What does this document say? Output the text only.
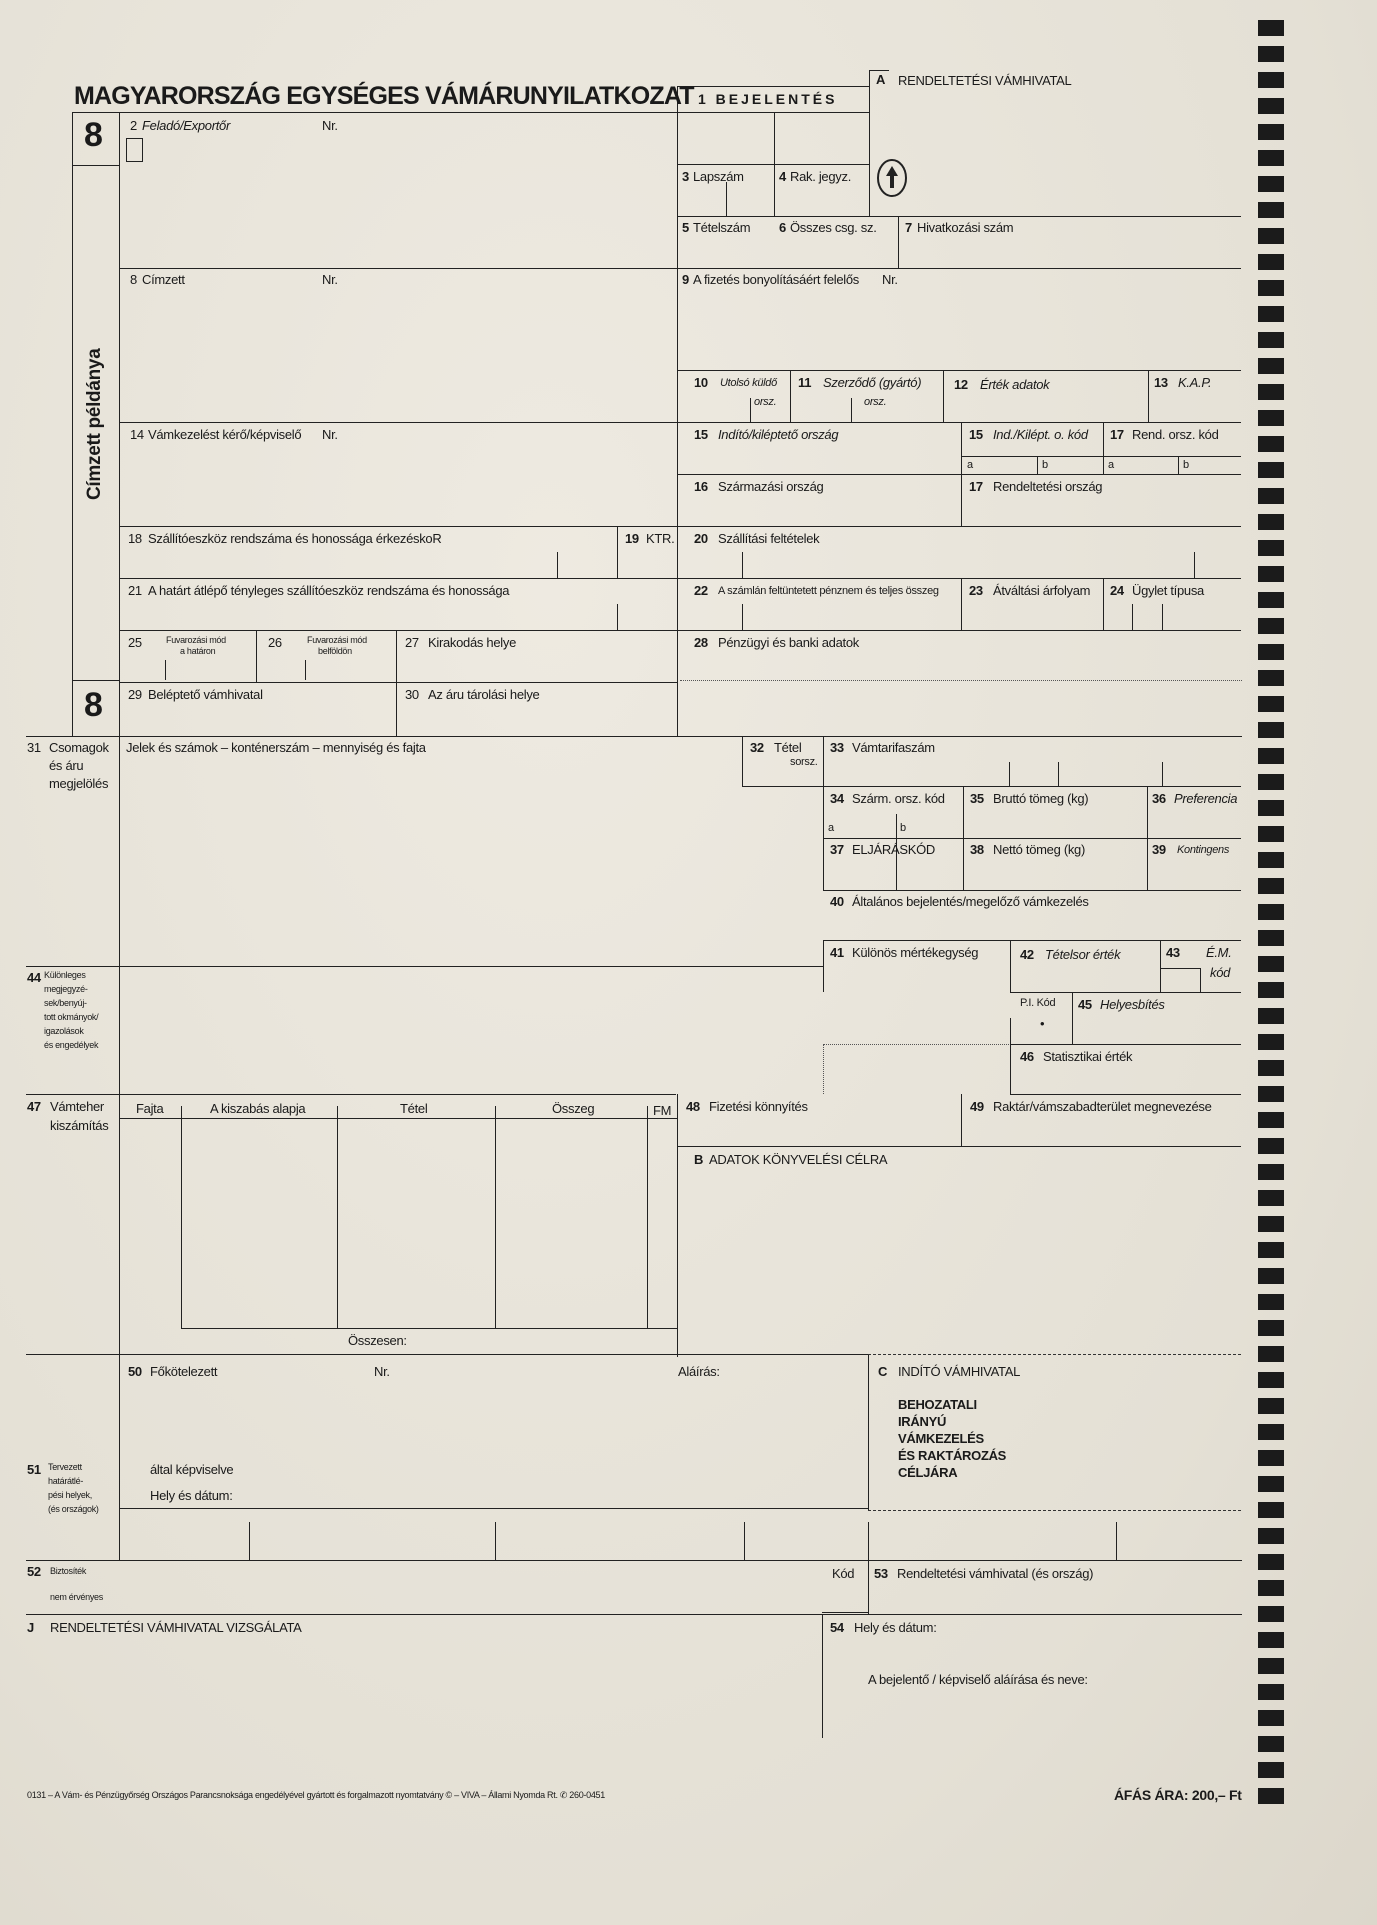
MAGYARORSZÁG EGYSÉGES VÁMÁRUNYILATKOZAT
8
8
Címzett példánya
1 BEJELENTÉS
A RENDELTETÉSI VÁMHIVATAL
2 Feladó/Exportőr	Nr.
3 Lapszám	4 Rak. jegyz.
5 Tételszám 6 Összes csg. sz. 7 Hivatkozási szám
8 Címzett	Nr.	9 A fizetés bonyolításáért felelős Nr.
10 Utolsó küldő
orsz.
11 Szerződő (gyártó)
orsz.
12 Érték adatok	13 K.A.P.
14 Vámkezelést kérő/képviselő Nr.	15 Indító/kiléptető ország	15 Ind./Kilépt. o. kód 17 Rend. orsz. kód
a	b	a	b
16 Származási ország	17 Rendeltetési ország
18 Szállítóeszköz rendszáma és honossága érkezéskoR	19 KTR. 20 Szállítási feltételek
21 A határt átlépő tényleges szállítóeszköz rendszáma és honossága	22 A számlán feltüntetett pénznem és teljes összeg 23 Átváltási árfolyam 24 Ügylet típusa
25	Fuvarozási mód
a határon
26	Fuvarozási mód
belföldön
27 Kirakodás helye	28 Pénzügyi és banki adatok
29 Beléptető vámhivatal	30 Az áru tárolási helye
31 Csomagok
és áru
megjelölés
Jelek és számok – konténerszám – mennyiség és fajta	32 Tétel
sorsz.
33 Vámtarifaszám
34 Szárm. orsz. kód
a	b
35 Bruttó tömeg (kg)	36 Preferencia
37 ELJÁRÁSKÓD	38 Nettó tömeg (kg)	39 Kontingens
40 Általános bejelentés/megelőző vámkezelés
41 Különös mértékegység	42 Tételsor érték	43 É.M.
kód
44 Különleges
megjegyzé-
sek/benyúj-
tott okmányok/
igazolások
és engedélyek
P.I. Kód
•
45 Helyesbítés
46 Statisztikai érték
47 Vámteher
kiszámítás
Fajta	A kiszabás alapja	Tétel	Összeg	FM
Összesen:
48 Fizetési könnyítés	49 Raktár/vámszabadterület megnevezése
B ADATOK KÖNYVELÉSI CÉLRA
50 Főkötelezett	Nr.	Aláírás:
által képviselve
Hely és dátum:
C INDÍTÓ VÁMHIVATAL
BEHOZATALI
IRÁNYÚ
VÁMKEZELÉS
ÉS RAKTÁROZÁS
CÉLJÁRA
51 Tervezett
határátlé-
pési helyek,
(és országok)
52 Biztosíték
nem érvényes
Kód 53 Rendeltetési vámhivatal (és ország)
J RENDELTETÉSI VÁMHIVATAL VIZSGÁLATA	54 Hely és dátum:
A bejelentő / képviselő aláírása és neve:
0131 – A Vám- és Pénzügyőrség Országos Parancsnoksága engedélyével gyártott és forgalmazott nyomtatvány © – VIVA – Állami Nyomda Rt. ✆ 260-0451	ÁFÁS ÁRA: 200,– Ft
